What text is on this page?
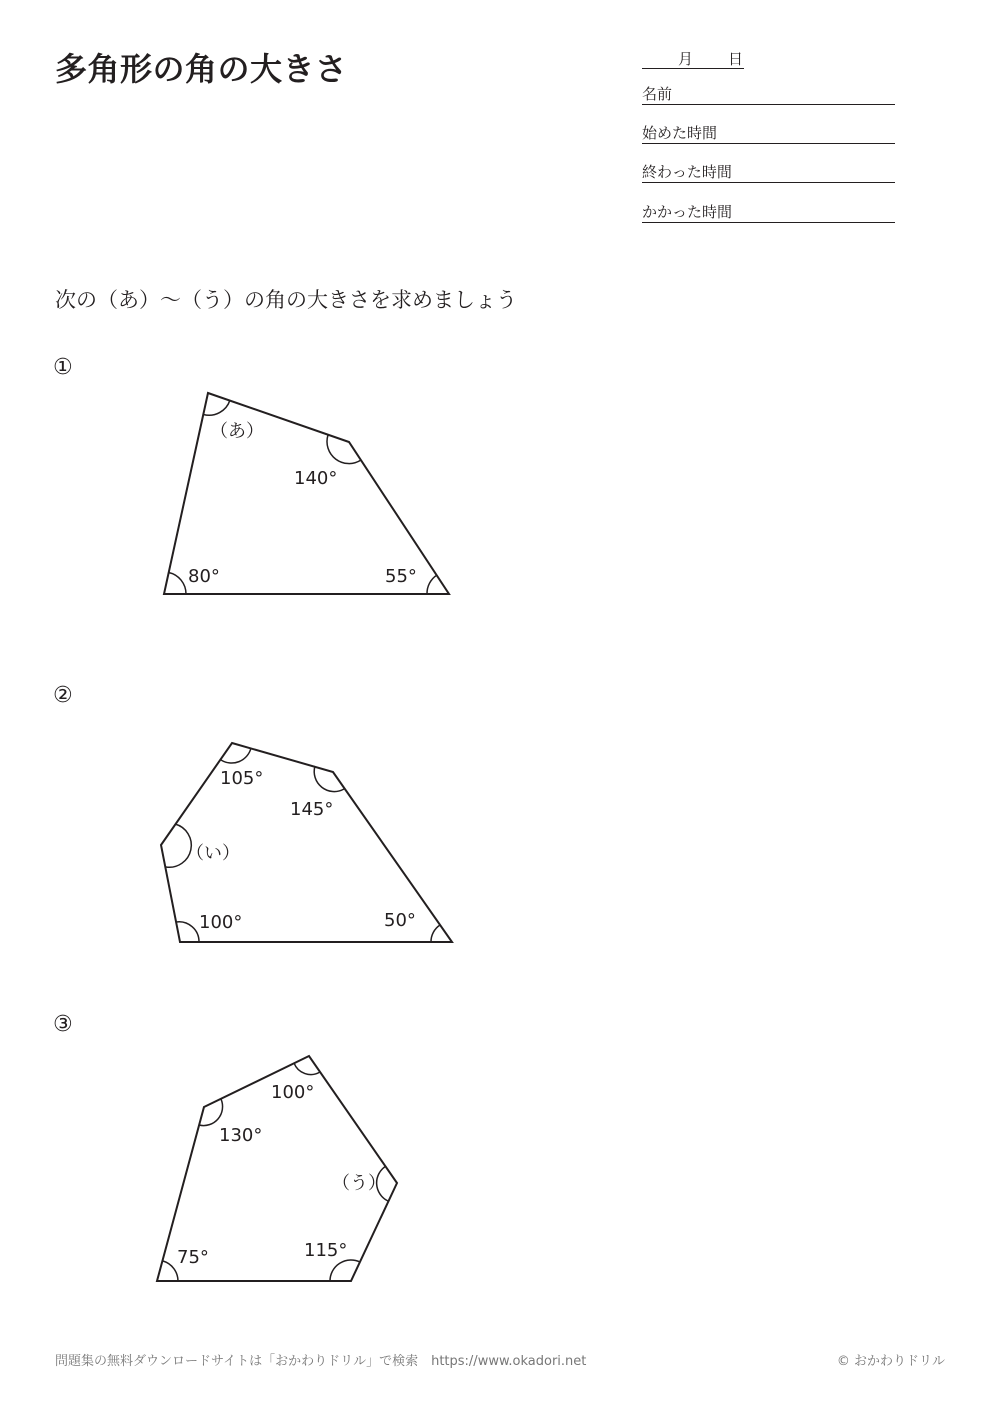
多角形の角の大きさ	月 日
名前
始めた時間
終わった時間
かかった時間
次の（あ）～（う）の角の大きさを求めましょう
①
②
③
（あ）
140°
80°	55°
105°
145°
（い）
100°	50°
100°
130°
（う）
75°	115°
問題集の無料ダウンロードサイトは「おかわりドリル」で検索　https://www.okadori.net	© おかわりドリル
